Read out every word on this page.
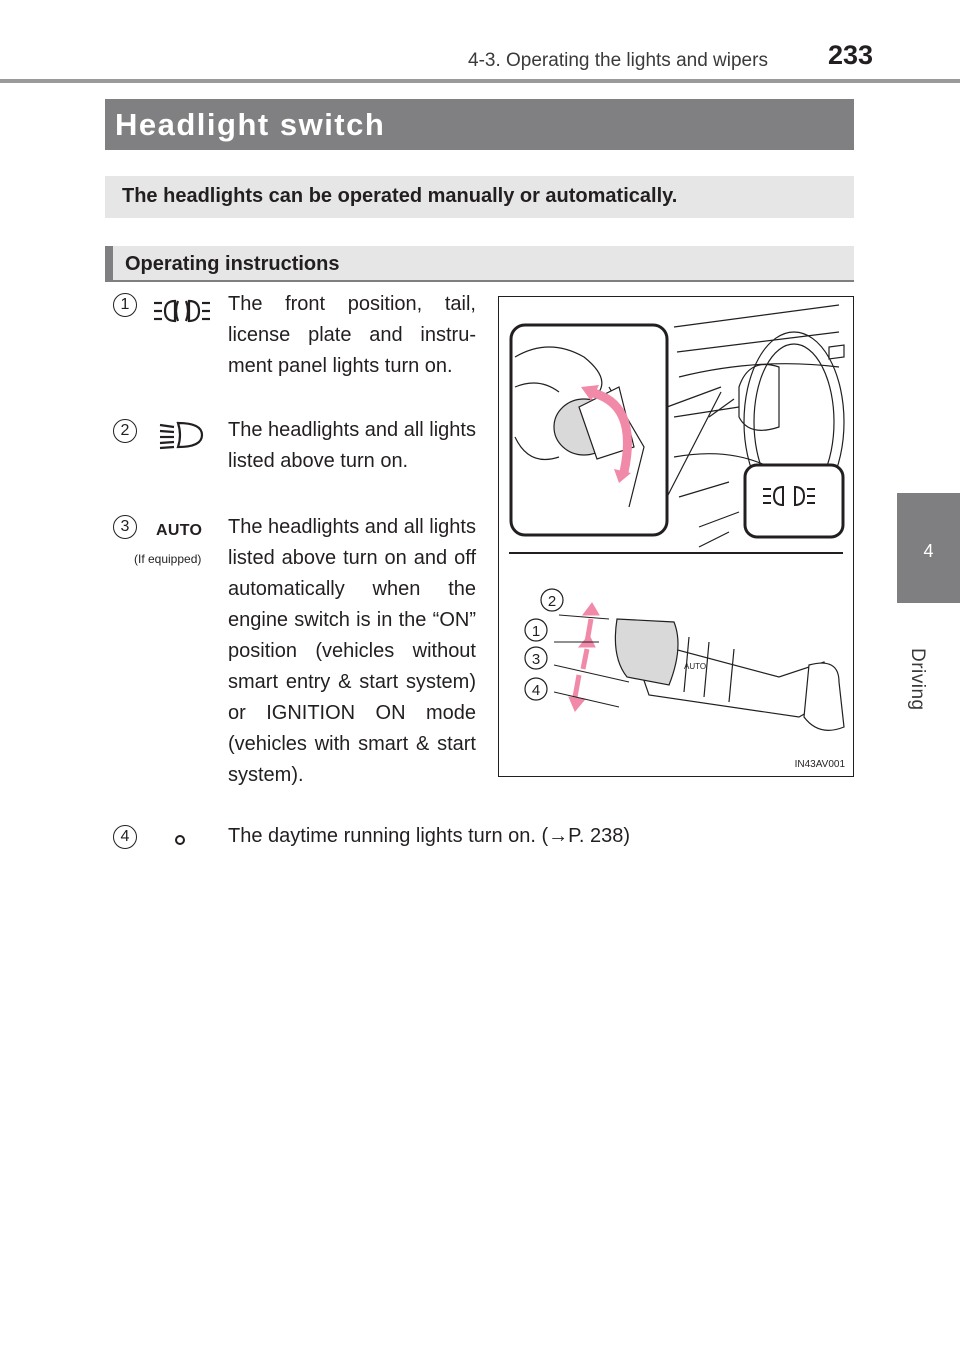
4-3. Operating the lights and wipers 233
4
Driving
Headlight switch
The headlights can be operated manually or automatically.
Operating instructions
1	The front position, tail, license plate and instru-ment panel lights turn on.
2	The headlights and all lights listed above turn on.
3	AUTO
(If equipped)
The headlights and all lights listed above turn on and off automatically when the engine switch is in the “ON” position (vehicles without smart entry & start system) or IGNITION ON mode (vehicles with smart & start system).
4	The daytime running lights turn on. (→P. 238)
AUTO
2
1
3
4
IN43AV001
